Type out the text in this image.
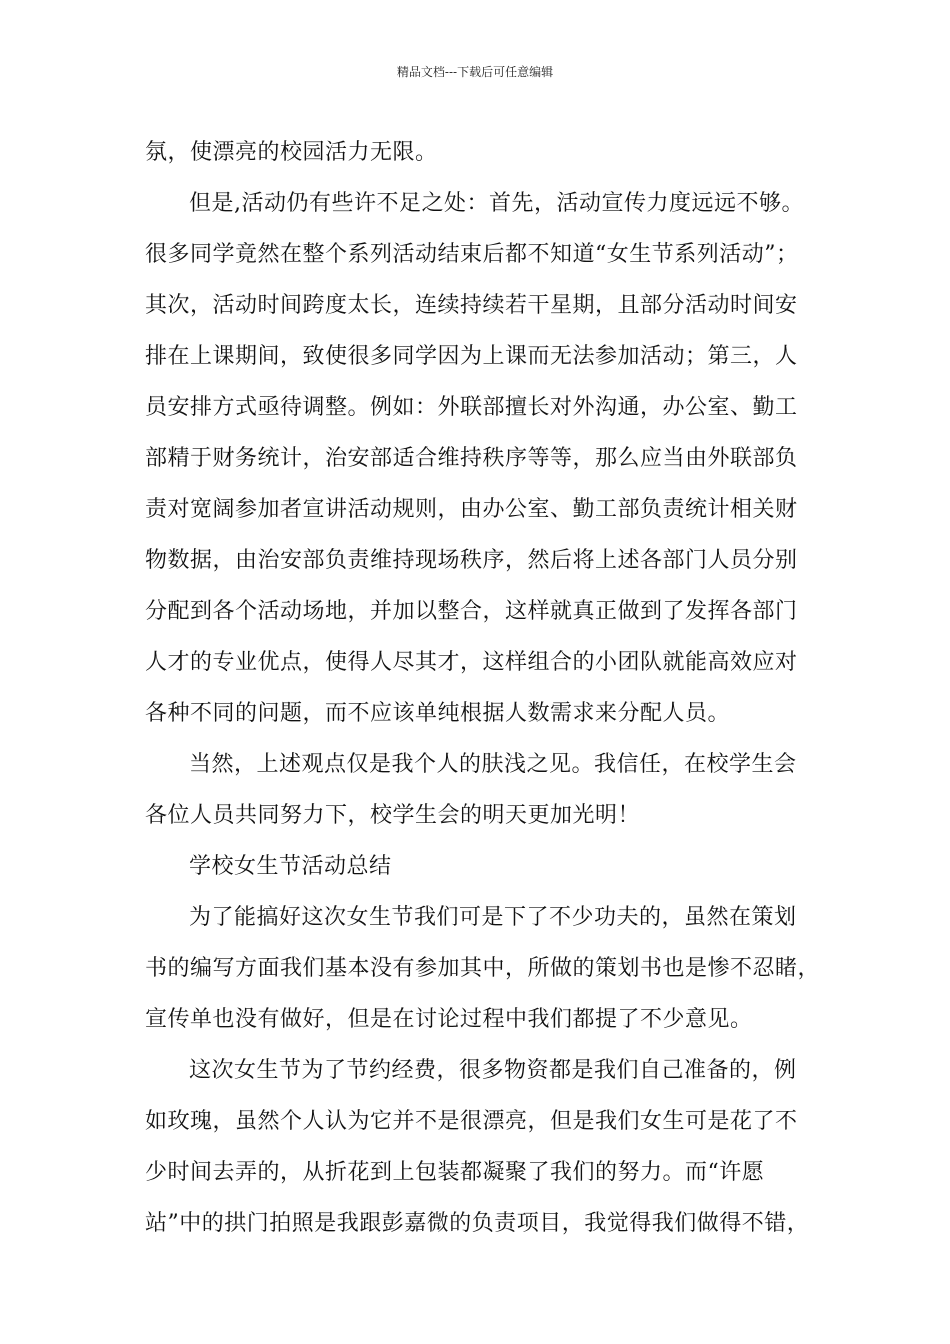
精品文档---下载后可任意编辑
氛，使漂亮的校园活力无限。
但是,活动仍有些许不足之处：首先，活动宣传力度远远不够。
很多同学竟然在整个系列活动结束后都不知道“女生节系列活动”；
其次，活动时间跨度太长，连续持续若干星期，且部分活动时间安
排在上课期间，致使很多同学因为上课而无法参加活动；第三，人
员安排方式亟待调整。例如：外联部擅长对外沟通，办公室、勤工
部精于财务统计，治安部适合维持秩序等等，那么应当由外联部负
责对宽阔参加者宣讲活动规则，由办公室、勤工部负责统计相关财
物数据，由治安部负责维持现场秩序，然后将上述各部门人员分别
分配到各个活动场地，并加以整合，这样就真正做到了发挥各部门
人才的专业优点，使得人尽其才，这样组合的小团队就能高效应对
各种不同的问题，而不应该单纯根据人数需求来分配人员。
当然，上述观点仅是我个人的肤浅之见。我信任，在校学生会
各位人员共同努力下，校学生会的明天更加光明！
学校女生节活动总结
为了能搞好这次女生节我们可是下了不少功夫的，虽然在策划
书的编写方面我们基本没有参加其中，所做的策划书也是惨不忍睹，
宣传单也没有做好，但是在讨论过程中我们都提了不少意见。
这次女生节为了节约经费，很多物资都是我们自己准备的，例
如玫瑰，虽然个人认为它并不是很漂亮，但是我们女生可是花了不
少时间去弄的，从折花到上包装都凝聚了我们的努力。而“许愿
站”中的拱门拍照是我跟彭嘉微的负责项目，我觉得我们做得不错，
